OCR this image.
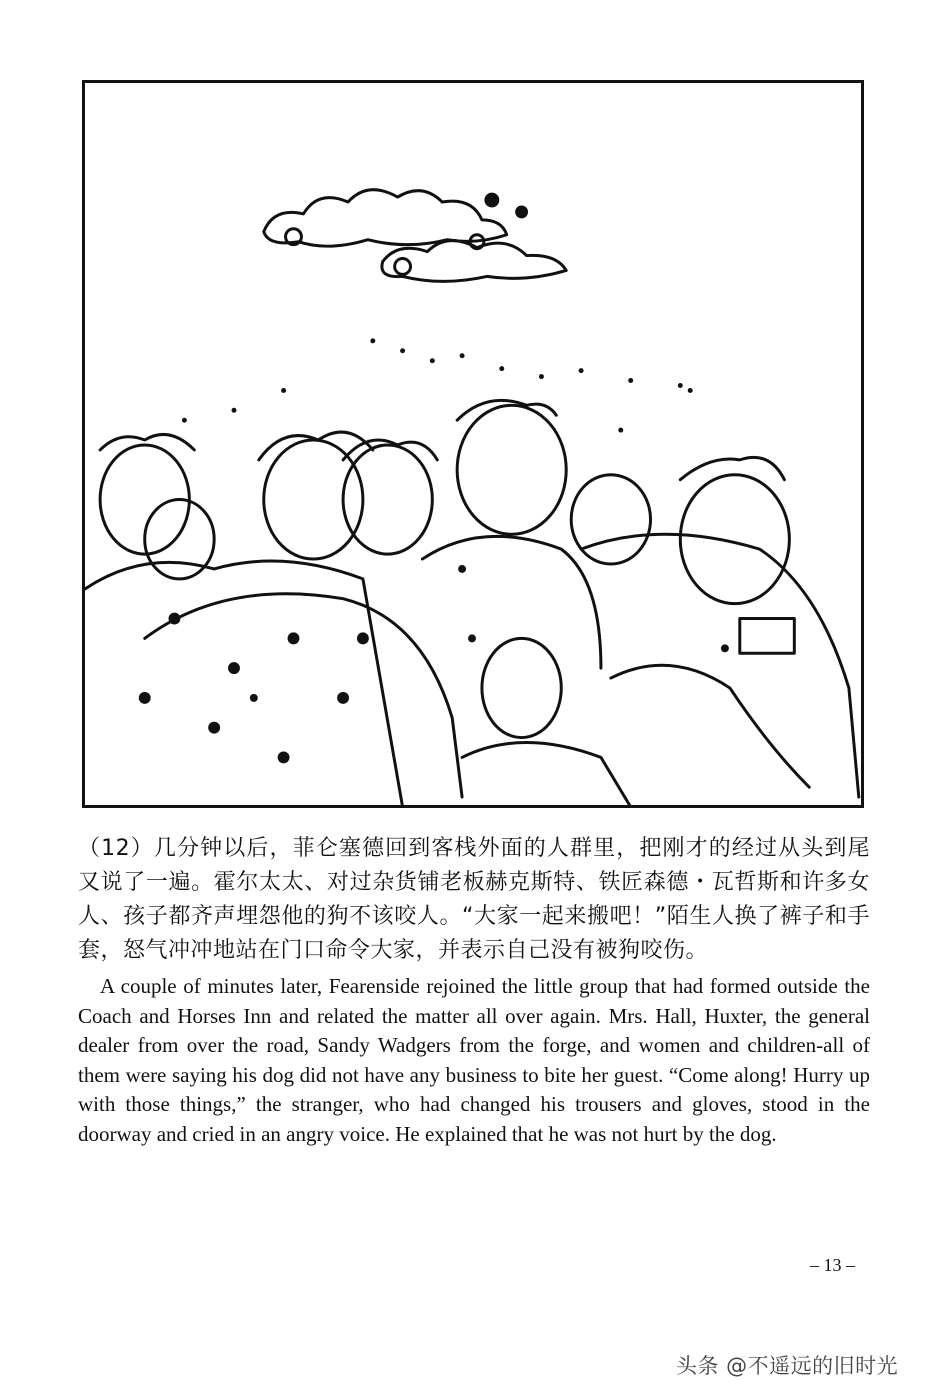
（12）几分钟以后，菲仑塞德回到客栈外面的人群里，把刚才的经过从头到尾又说了一遍。霍尔太太、对过杂货铺老板赫克斯特、铁匠森德・瓦哲斯和许多女人、孩子都齐声埋怨他的狗不该咬人。“大家一起来搬吧！”陌生人换了裤子和手套，怒气冲冲地站在门口命令大家，并表示自己没有被狗咬伤。

A couple of minutes later, Fearenside rejoined the little group that had formed outside the Coach and Horses Inn and related the matter all over again. Mrs. Hall, Huxter, the general dealer from over the road, Sandy Wadgers from the forge, and women and children-all of them were saying his dog did not have any business to bite her guest. “Come along! Hurry up with those things,” the stranger, who had changed his trousers and gloves, stood in the doorway and cried in an angry voice. He explained that he was not hurt by the dog.

– 13 –
头条 @不遥远的旧时光
